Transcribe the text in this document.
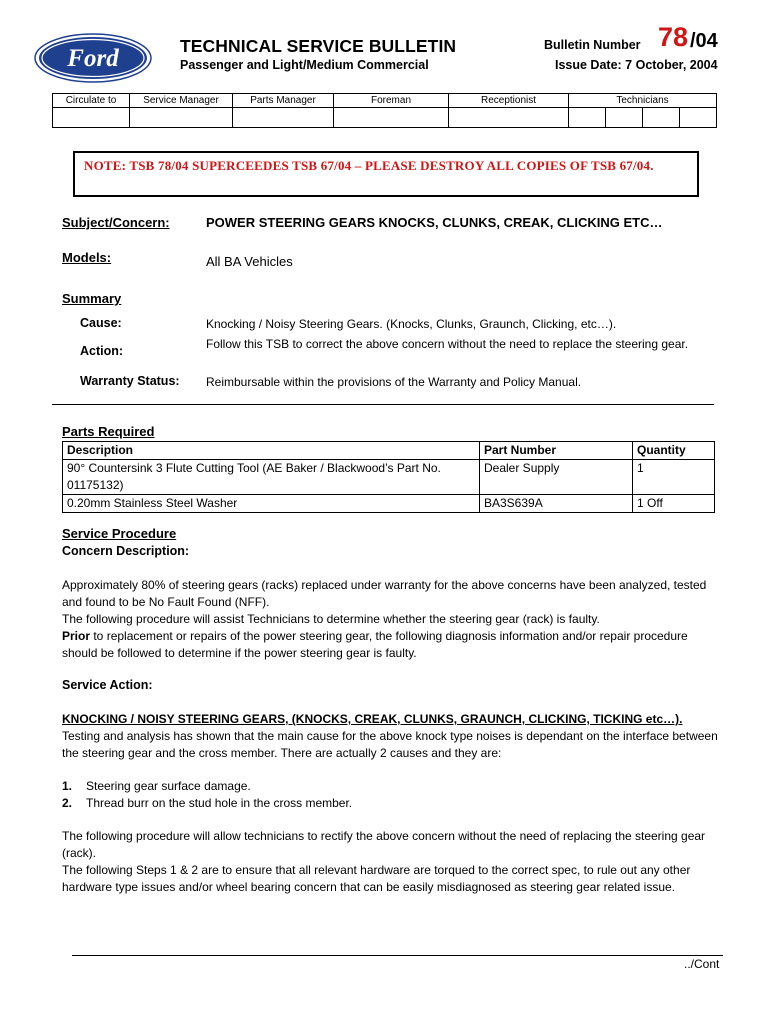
Ford	TECHNICAL SERVICE BULLETIN
Passenger and Light/Medium Commercial
Bulletin Number 78 /04
Issue Date: 7 October, 2004
Circulate to	Service Manager	Parts Manager	Foreman	Receptionist	Technicians			

NOTE: TSB 78/04 SUPERCEEDES TSB 67/04 – PLEASE DESTROY ALL COPIES OF TSB 67/04.
Subject/Concern:	POWER STEERING GEARS KNOCKS, CLUNKS, CREAK, CLICKING ETC…
Models:	All BA Vehicles
Summary
Cause:	Knocking / Noisy Steering Gears. (Knocks, Clunks, Graunch, Clicking, etc…).
Action:	Follow this TSB to correct the above concern without the need to replace the steering gear.
Warranty Status: Reimbursable within the provisions of the Warranty and Policy Manual.
Parts Required
Description	Part Number	Quantity
90° Countersink 3 Flute Cutting Tool (AE Baker / Blackwood’s Part No. 01175132)	Dealer Supply	1
0.20mm Stainless Steel Washer	BA3S639A	1 Off
Service Procedure
Concern Description:
Approximately 80% of steering gears (racks) replaced under warranty for the above concerns have been analyzed, tested and found to be No Fault Found (NFF).
The following procedure will assist Technicians to determine whether the steering gear (rack) is faulty.
Prior to replacement or repairs of the power steering gear, the following diagnosis information and/or repair procedure should be followed to determine if the power steering gear is faulty.
Service Action:
KNOCKING / NOISY STEERING GEARS, (KNOCKS, CREAK, CLUNKS, GRAUNCH, CLICKING, TICKING etc…).
Testing and analysis has shown that the main cause for the above knock type noises is dependant on the interface between the steering gear and the cross member. There are actually 2 causes and they are:
1. Steering gear surface damage.
2. Thread burr on the stud hole in the cross member.
The following procedure will allow technicians to rectify the above concern without the need of replacing the steering gear (rack).
The following Steps 1 & 2 are to ensure that all relevant hardware are torqued to the correct spec, to rule out any other hardware type issues and/or wheel bearing concern that can be easily misdiagnosed as steering gear related issue.
../Cont
